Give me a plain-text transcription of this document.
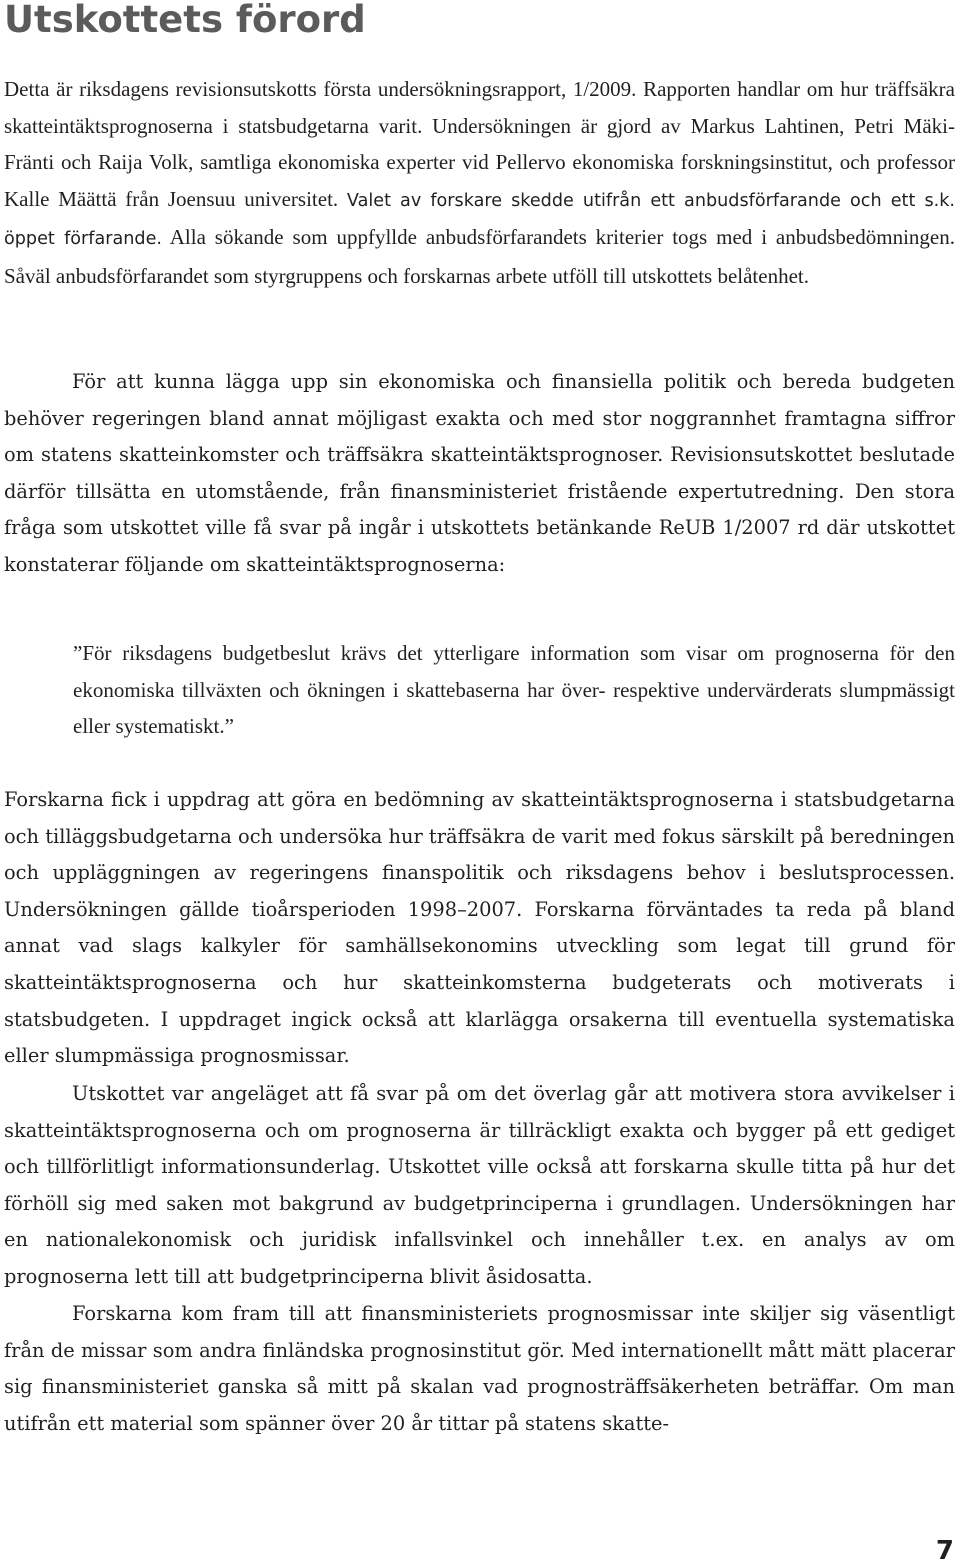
Utskottets förord

Detta är riksdagens revisionsutskotts första undersökningsrapport, 1/2009. Rapporten handlar om hur träffsäkra skatteintäktsprognoserna i statsbudgetarna varit. Undersökningen är gjord av Markus Lahtinen, Petri Mäki-Fränti och Raija Volk, samtliga ekonomiska experter vid Pellervo ekonomiska forskningsinstitut, och professor Kalle Määttä från Joensuu universitet. Valet av forskare skedde utifrån ett anbudsförfarande och ett s.k. öppet förfarande. Alla sökande som uppfyllde anbudsförfarandets kriterier togs med i anbudsbedömningen. Såväl anbudsförfarandet som styrgruppens och forskarnas arbete utföll till utskottets belåtenhet.

För att kunna lägga upp sin ekonomiska och finansiella politik och bereda budgeten behöver regeringen bland annat möjligast exakta och med stor noggrannhet framtagna siffror om statens skatteinkomster och träffsäkra skatteintäktsprognoser. Revisionsutskottet beslutade därför tillsätta en utomstående, från finansministeriet fristående expertutredning. Den stora fråga som utskottet ville få svar på ingår i utskottets betänkande ReUB 1/2007 rd där utskottet konstaterar följande om skatteintäktsprognoserna:

”För riksdagens budgetbeslut krävs det ytterligare information som visar om prognoserna för den ekonomiska tillväxten och ökningen i skattebaserna har över- respektive undervärderats slumpmässigt eller systematiskt.”

Forskarna fick i uppdrag att göra en bedömning av skatteintäktsprognoserna i statsbudgetarna och tilläggsbudgetarna och undersöka hur träffsäkra de varit med fokus särskilt på beredningen och uppläggningen av regeringens finanspolitik och riksdagens behov i beslutsprocessen. Undersökningen gällde tioårsperioden 1998–2007. Forskarna förväntades ta reda på bland annat vad slags kalkyler för samhällsekonomins utveckling som legat till grund för skatteintäktsprognoserna och hur skatteinkomsterna budgeterats och motiverats i statsbudgeten. I uppdraget ingick också att klarlägga orsakerna till eventuella systematiska eller slumpmässiga prognosmissar.

Utskottet var angeläget att få svar på om det överlag går att motivera stora avvikelser i skatteintäktsprognoserna och om prognoserna är tillräckligt exakta och bygger på ett gediget och tillförlitligt informationsunderlag. Utskottet ville också att forskarna skulle titta på hur det förhöll sig med saken mot bakgrund av budgetprinciperna i grundlagen. Undersökningen har en nationalekonomisk och juridisk infallsvinkel och innehåller t.ex. en analys av om prognoserna lett till att budgetprinciperna blivit åsidosatta.

Forskarna kom fram till att finansministeriets prognosmissar inte skiljer sig väsentligt från de missar som andra finländska prognosinstitut gör. Med internationellt mått mätt placerar sig finansministeriet ganska så mitt på skalan vad prognosträffsäkerheten beträffar. Om man utifrån ett material som spänner över 20 år tittar på statens skatte-

7
